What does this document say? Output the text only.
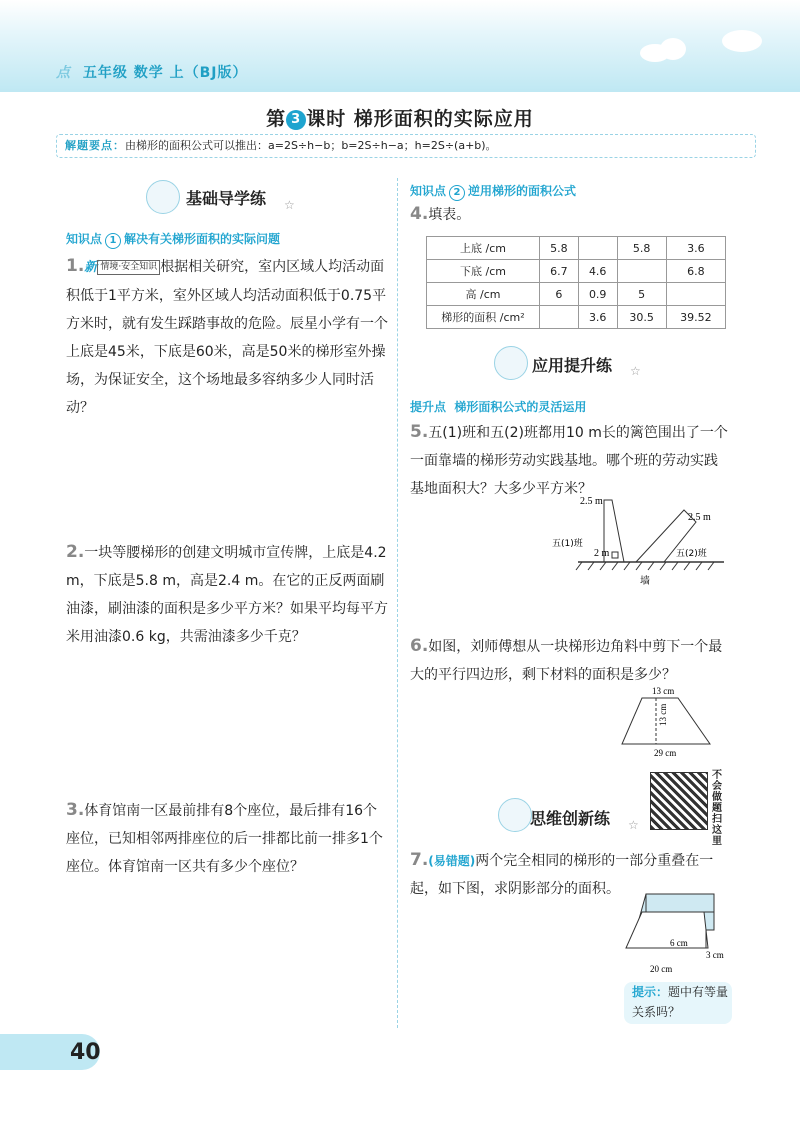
点 五年级 数学 上（BJ版）
第 3 课时 梯形面积的实际应用
解题要点：由梯形的面积公式可以推出：a=2S÷h−b；b=2S÷h−a；h=2S÷(a+b)。
基础导学练 ☆
知识点 1 解决有关梯形面积的实际问题
1.新 情境·安全知识 根据相关研究，室内区域人均活动面积低于1平方米，室外区域人均活动面积低于0.75平方米时，就有发生踩踏事故的危险。辰星小学有一个上底是45米，下底是60米，高是50米的梯形室外操场，为保证安全，这个场地最多容纳多少人同时活动？
2.一块等腰梯形的创建文明城市宣传牌，上底是4.2 m，下底是5.8 m，高是2.4 m。在它的正反两面刷油漆，刷油漆的面积是多少平方米？如果平均每平方米用油漆0.6 kg，共需油漆多少千克？
3.体育馆南一区最前排有8个座位，最后排有16个座位，已知相邻两排座位的后一排都比前一排多1个座位。体育馆南一区共有多少个座位？
知识点 2 逆用梯形的面积公式
4.填表。
上底 /cm	5.8		5.8	3.6
下底 /cm	6.7	4.6		6.8
高 /cm	6	0.9	5	
梯形的面积 /cm²		3.6	30.5	39.52
应用提升练 ☆
提升点 梯形面积公式的灵活运用
5.五(1)班和五(2)班都用10 m长的篱笆围出了一个一面靠墙的梯形劳动实践基地。哪个班的劳动实践基地面积大？大多少平方米？
2.5 m
2.5 m
2 m
五(1)班
五(2)班
墙
6.如图，刘师傅想从一块梯形边角料中剪下一个最大的平行四边形，剩下材料的面积是多少？
13 cm
13 cm
29 cm
不会做题扫这里
思维创新练 ☆
7.(易错题)两个完全相同的梯形的一部分重叠在一起，如下图，求阴影部分的面积。
6 cm
3 cm
20 cm
提示：题中有等量关系吗？
40
